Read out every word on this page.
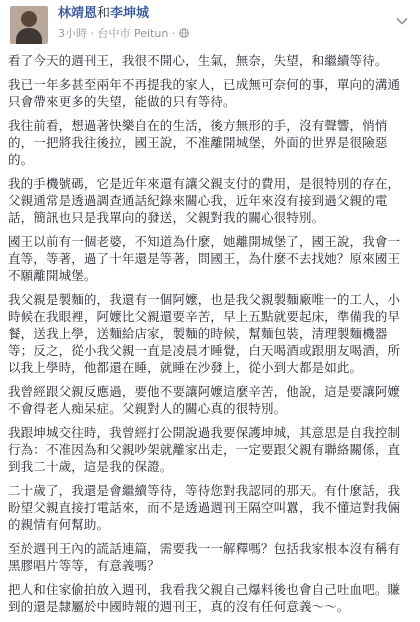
林靖恩和李坤城
3小時 · 台中市 Peitun ·

看了今天的週刊王，我很不開心，生氣，無奈，失望，和繼續等待。

我已一年多甚至兩年不再提我的家人，已成無可奈何的事，單向的溝通只會帶來更多的失望，能做的只有等待。

我往前看，想過著快樂自在的生活，後方無形的手，沒有聲響，悄悄的，一把將我往後拉，國王說，不准離開城堡，外面的世界是很險惡的。

我的手機號碼，它是近年來還有讓父親支付的費用，是很特別的存在，父親通常是透過調查通話紀錄來關心我，近年來沒有接到過父親的電話，簡訊也只是我單向的發送，父親對我的關心很特別。

國王以前有一個老婆，不知道為什麼，她離開城堡了，國王說，我會一直等，等著，過了十年還是等著，問國王，為什麼不去找她？原來國王不願離開城堡。

我父親是製麵的，我還有一個阿嬤，也是我父親製麵廠唯一的工人，小時候在我眼裡，阿嬤比父親還要辛苦，早上五點就要起床，準備我的早餐，送我上學，送麵給店家，製麵的時候，幫麵包裝，清理製麵機器等；反之，從小我父親一直是凌晨才睡覺，白天喝酒或跟朋友喝酒，所以我上學時，他都還在睡，就睡在沙發上，從小到大都是如此。

我曾經跟父親反應過，要他不要讓阿嬤這麼辛苦，他說，這是要讓阿嬤不會得老人痴呆症。父親對人的關心真的很特別。

我跟坤城交往時，我曾經打公開說過我要保護坤城，其意思是自我控制行為：不准因為和父親吵架就離家出走，一定要跟父親有聯絡關係，直到我二十歲，這是我的保證。

二十歲了，我還是會繼續等待，等待您對我認同的那天。有什麼話，我盼望父親直接打電話來，而不是透過週刊王隔空叫囂，我不懂這對我倆的親情有何幫助。

至於週刊王內的謊話連篇，需要我一一解釋嗎？包括我家根本沒有稱有黑膠唱片等等，有意義嗎？

把人和住家偷拍放入週刊，我看我父親自己爆料後也會自己吐血吧。賺到的還是隸屬於中國時報的週刊王，真的沒有任何意義～～。
